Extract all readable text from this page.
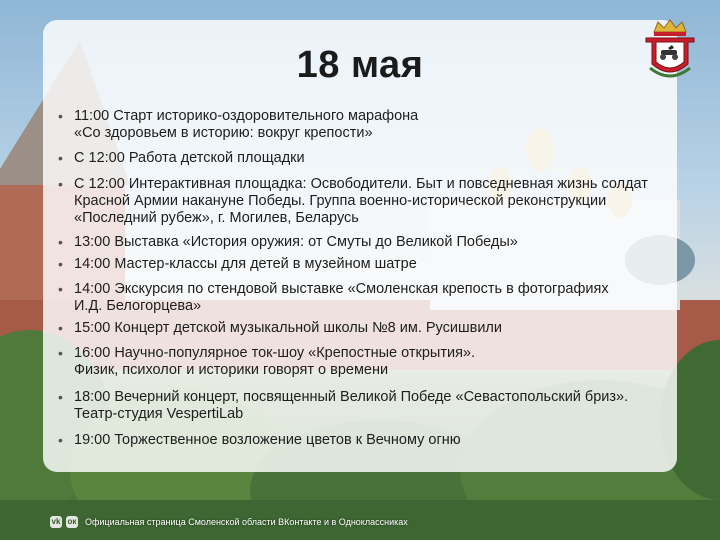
18 мая
• 11:00 Старт историко-оздоровительного марафона
«Со здоровьем в историю: вокруг крепости»
• С 12:00 Работа детской площадки
• С 12:00 Интерактивная площадка: Освободители. Быт и повседневная жизнь солдат
Красной Армии накануне Победы. Группа военно-исторической реконструкции
«Последний рубеж», г. Могилев, Беларусь
• 13:00 Выставка «История оружия: от Смуты до Великой Победы»
• 14:00 Мастер-классы для детей в музейном шатре
• 14:00 Экскурсия по стендовой выставке «Смоленская крепость в фотографиях
И.Д. Белогорцева»
• 15:00 Концерт детской музыкальной школы №8 им. Русишвили
• 16:00 Научно-популярное ток-шоу «Крепостные открытия».
Физик, психолог и историки говорят о времени
• 18:00 Вечерний концерт, посвященный Великой Победе «Севастопольский бриз».
Театр-студия VespertiLab
• 19:00 Торжественное возложение цветов к Вечному огню
vk ок Официальная страница Смоленской области ВКонтакте и в Одноклассниках
